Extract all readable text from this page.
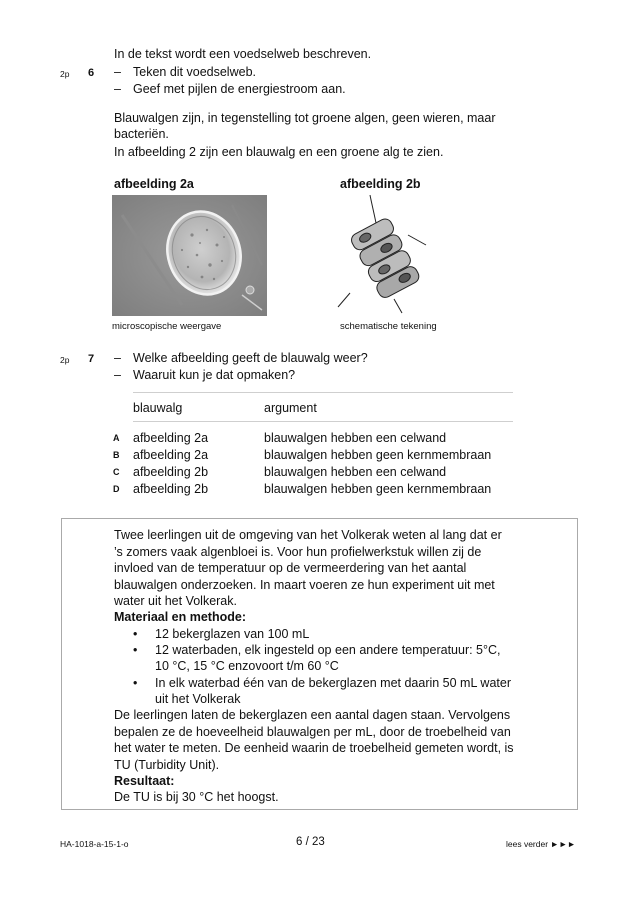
In de tekst wordt een voedselweb beschreven.
2p 6 – Teken dit voedselweb.
– Geef met pijlen de energiestroom aan.
Blauwalgen zijn, in tegenstelling tot groene algen, geen wieren, maar
bacteriën.
In afbeelding 2 zijn een blauwalg en een groene alg te zien.
afbeelding 2a	afbeelding 2b
microscopische weergave	schematische tekening
2p 7 – Welke afbeelding geeft de blauwalg weer?
– Waaruit kun je dat opmaken?
blauwalg	argument
A afbeelding 2a	blauwalgen hebben een celwand
B afbeelding 2a	blauwalgen hebben geen kernmembraan
C afbeelding 2b	blauwalgen hebben een celwand
D afbeelding 2b	blauwalgen hebben geen kernmembraan
Twee leerlingen uit de omgeving van het Volkerak weten al lang dat er
’s zomers vaak algenbloei is. Voor hun profielwerkstuk willen zij de
invloed van de temperatuur op de vermeerdering van het aantal
blauwalgen onderzoeken. In maart voeren ze hun experiment uit met
water uit het Volkerak.
Materiaal en methode:
• 12 bekerglazen van 100 mL
• 12 waterbaden, elk ingesteld op een andere temperatuur: 5°C,
10 °C, 15 °C enzovoort t/m 60 °C
• In elk waterbad één van de bekerglazen met daarin 50 mL water
uit het Volkerak
De leerlingen laten de bekerglazen een aantal dagen staan. Vervolgens
bepalen ze de hoeveelheid blauwalgen per mL, door de troebelheid van
het water te meten. De eenheid waarin de troebelheid gemeten wordt, is
TU (Turbidity Unit).
Resultaat:
De TU is bij 30 °C het hoogst.
HA-1018-a-15-1-o	6 / 23	lees verder ►►►
